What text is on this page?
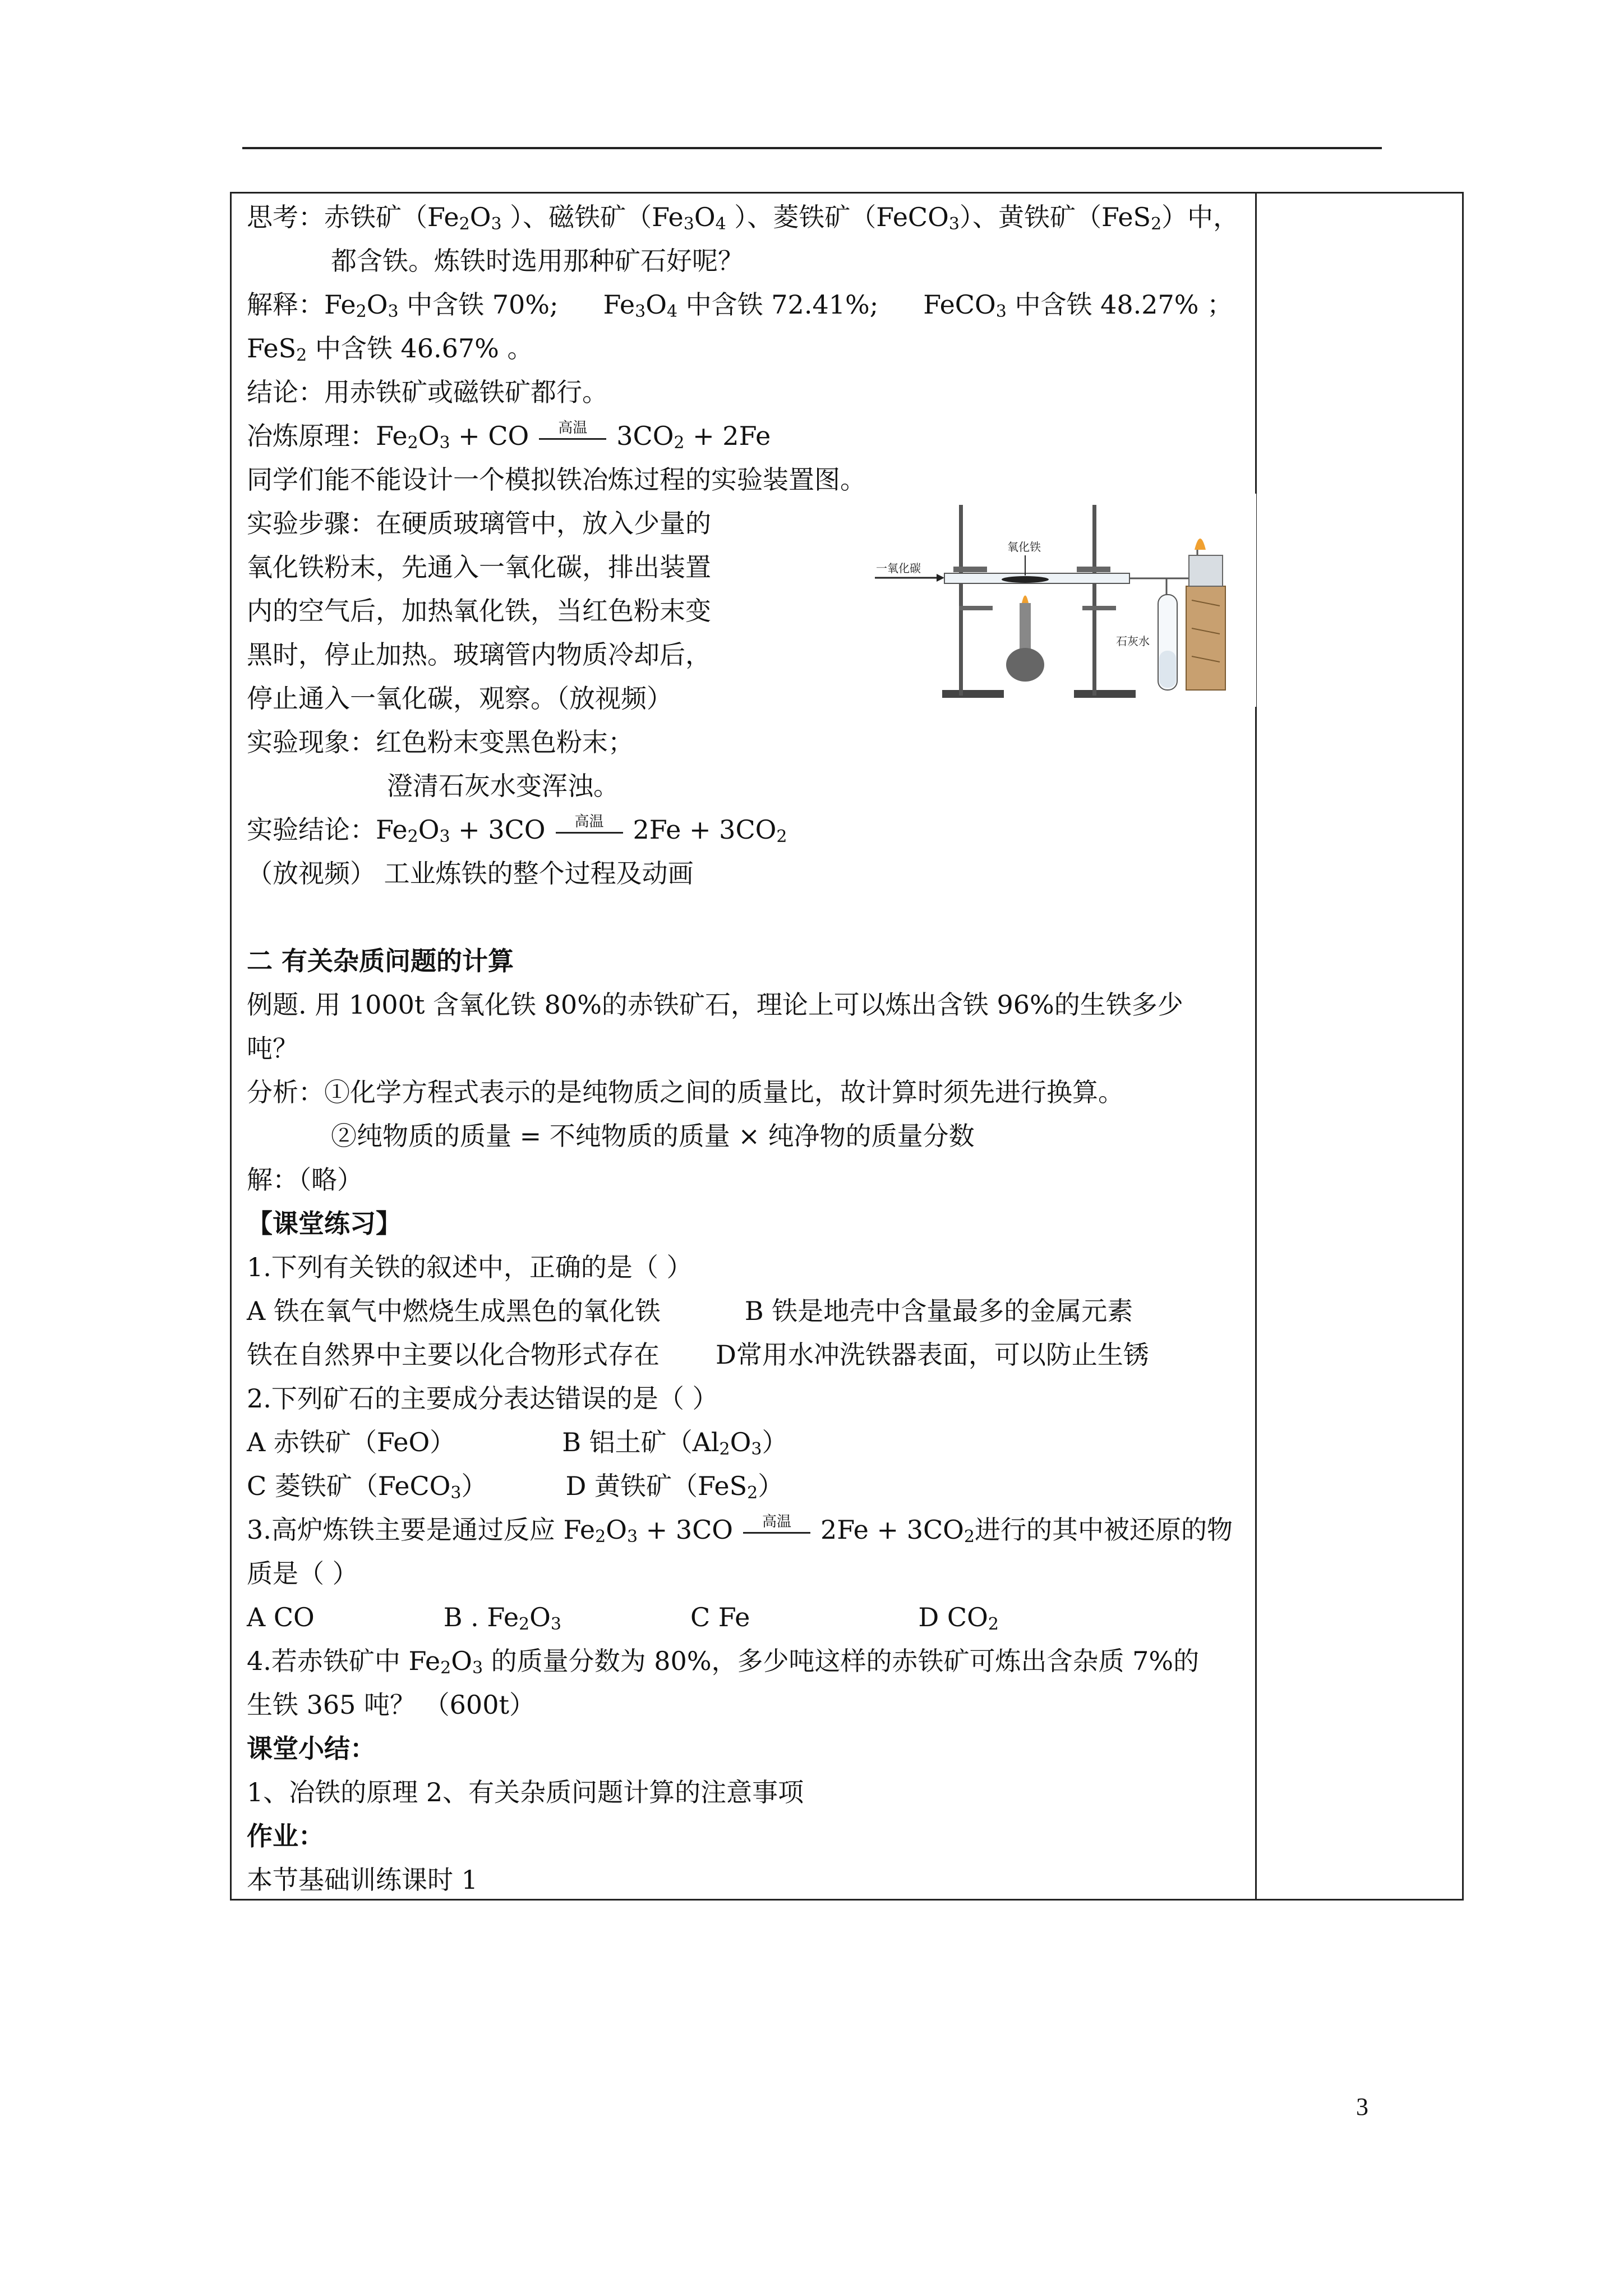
思考：赤铁矿（$Fe_2O_3$ ）、磁铁矿（$Fe_3O_4$ ）、菱铁矿（FeCO$_3$）、黄铁矿（FeS$_2$）中，
都含铁。炼铁时选用那种矿石好呢？
解释：$Fe_2O_3$ 中含铁 70%; $Fe_3O_4$ 中含铁 72.41%; FeCO$_3$ 中含铁 48.27% ；
FeS$_2$ 中含铁 46.67% 。
结论：用赤铁矿或磁铁矿都行。
冶炼原理：$Fe_2O_3$ + CO 高温 $3CO_2 + 2Fe$
同学们能不能设计一个模拟铁冶炼过程的实验装置图。
实验步骤：在硬质玻璃管中，放入少量的
氧化铁粉末，先通入一氧化碳，排出装置
内的空气后，加热氧化铁，当红色粉末变
黑时，停止加热。玻璃管内物质冷却后，
停止通入一氧化碳，观察。（放视频）
实验现象：红色粉末变黑色粉末；
澄清石灰水变浑浊。
实验结论：$Fe_2O_3 + 3CO$ 高温 $2Fe + 3CO_2$
（放视频） 工业炼铁的整个过程及动画
二 有关杂质问题的计算
例题. 用 1000t 含氧化铁 80%的赤铁矿石，理论上可以炼出含铁 96%的生铁多少
吨？
分析：①化学方程式表示的是纯物质之间的质量比，故计算时须先进行换算。
②纯物质的质量 = 不纯物质的质量 × 纯净物的质量分数
解：（略）
【课堂练习】
1.下列有关铁的叙述中，正确的是（ ）
A 铁在氧气中燃烧生成黑色的氧化铁	B 铁是地壳中含量最多的金属元素
铁在自然界中主要以化合物形式存在 D常用水冲洗铁器表面，可以防止生锈
2.下列矿石的主要成分表达错误的是（ ）
A 赤铁矿（FeO）	B 铝土矿$(Al_2O_3)$
C 菱铁矿（FeCO$_3$）	D 黄铁矿（FeS$_2$）
3.高炉炼铁主要是通过反应 $Fe_2O_3 + 3CO$ 高温 $2Fe + 3CO_2$进行的其中被还原的物
质是（ ）
A CO	B . $Fe_2O_3$	C Fe	D $CO_2$
4.若赤铁矿中 $Fe_2O_3$ 的质量分数为 80%，多少吨这样的赤铁矿可炼出含杂质 7%的
生铁 365 吨？ （600t）
课堂小结：
1、冶铁的原理 2、有关杂质问题计算的注意事项
作业：
本节基础训练课时 1
一氧化碳
氧化铁
石灰水
3
